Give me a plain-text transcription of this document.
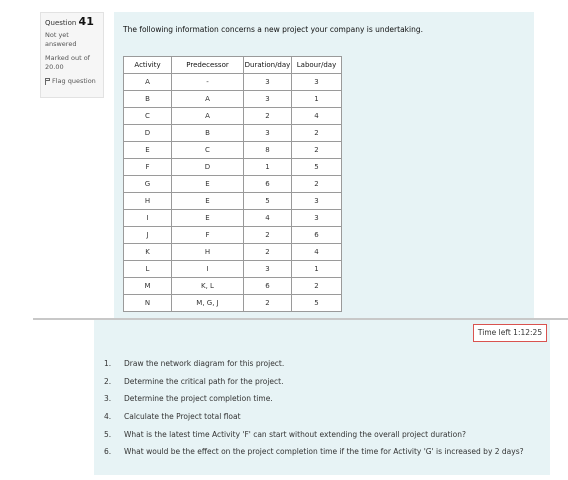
Question 41
Not yet answered
Marked out of 20.00
Flag question
The following information concerns a new project your company is undertaking.
Activity	Predecessor	Duration/day	Labour/day
A	-	3	3
B	A	3	1
C	A	2	4
D	B	3	2
E	C	8	2
F	D	1	5
G	E	6	2
H	E	5	3
I	E	4	3
J	F	2	6
K	H	2	4
L	I	3	1
M	K, L	6	2
N	M, G, J	2	5
Time left 1:12:25
1.	Draw the network diagram for this project.
2.	Determine the critical path for the project.
3.	Determine the project completion time.
4.	Calculate the Project total float
5.	What is the latest time Activity 'F' can start without extending the overall project duration?
6.	What would be the effect on the project completion time if the time for Activity 'G' is increased by 2 days?
